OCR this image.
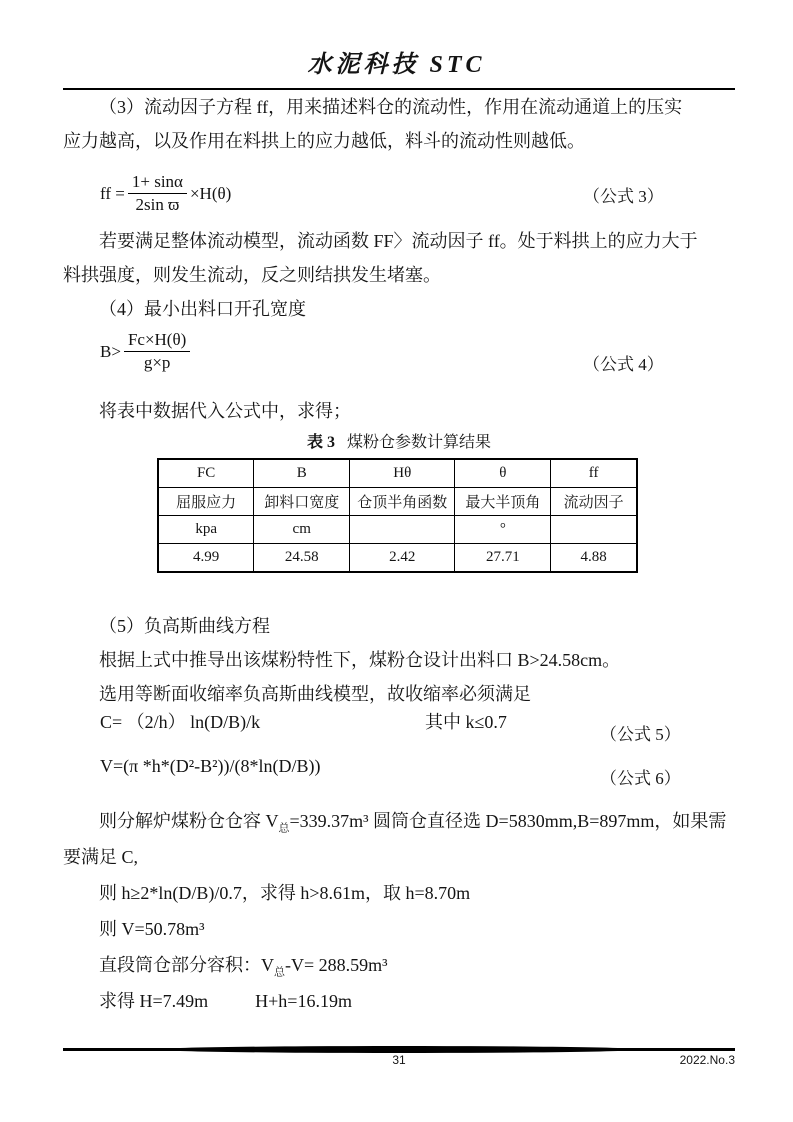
水泥科技 STC
（3）流动因子方程 ff，用来描述料仓的流动性，作用在流动通道上的压实
应力越高，以及作用在料拱上的应力越低，料斗的流动性则越低。
ff = $\frac{1+ \sin\alpha}{\text{2sin ϖ}} \times H(\theta)$	（公式 3）
若要满足整体流动模型，流动函数 FF〉流动因子 ff。处于料拱上的应力大于
料拱强度，则发生流动，反之则结拱发生堵塞。
（4）最小出料口开孔宽度
$B> \frac{Fc\times H(\theta)}{g\times p}$	（公式 4）
将表中数据代入公式中，求得；
表 3 煤粉仓参数计算结果
FC	B	Hθ	θ	ff
屈服应力	卸料口宽度	仓顶半角函数	最大半顶角	流动因子
kpa	cm		°	
4.99	24.58	2.42	27.71	4.88
（5）负高斯曲线方程
根据上式中推导出该煤粉特性下，煤粉仓设计出料口 B>24.58cm。
选用等断面收缩率负高斯曲线模型，故收缩率必须满足
C= （2/h） ln(D/B)/k	其中 k≤0.7
（公式 5）
V=(π *h*(D²-B²))/(8*ln(D/B))
（公式 6）
则分解炉煤粉仓仓容 $V_总=339.37m^3$ 圆筒仓直径选 D=5830mm,B=897mm，如果需
要满足 C,
则 h≥2*ln(D/B)/0.7，求得 h>8.61m，取 h=8.70m
则 V=50.78m³
直段筒仓部分容积：$V_总-V= 288.59m^3$
求得 H=7.49m	H+h=16.19m
31	2022.No.3
